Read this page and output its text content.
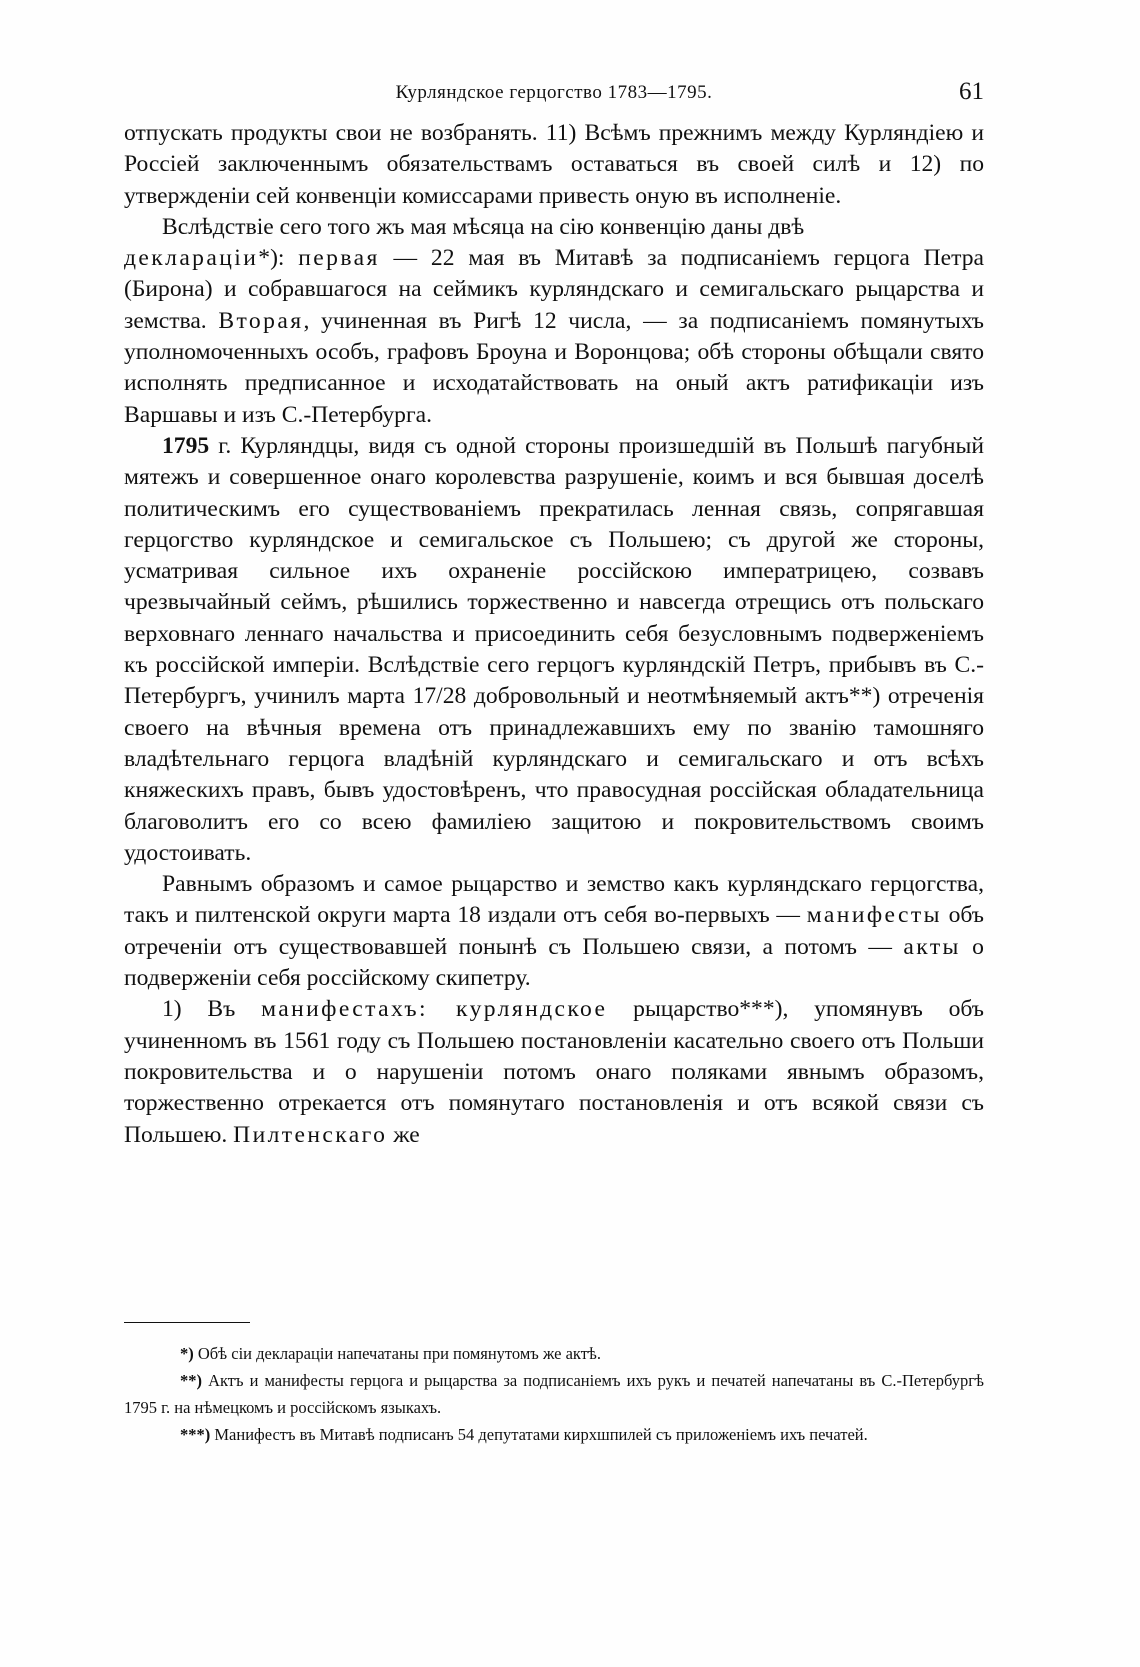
Курляндское герцогство 1783—1795.	61

отпускать продукты свои не возбранять. 11) Всѣмъ прежнимъ между Курляндіею и Россіей заключеннымъ обязательствамъ оставаться въ своей силѣ и 12) по утвержденіи сей конвенціи комиссарами привесть оную въ исполненіе.

Вслѣдствіе сего того жъ мая мѣсяца на сію конвенцію даны двѣ
деклараціи*): первая — 22 мая въ Митавѣ за подписаніемъ герцога Петра (Бирона) и собравшагося на сеймикъ курляндскаго и семигальскаго рыцарства и земства. Вторая, учиненная въ Ригѣ 12 числа, — за подписаніемъ помянутыхъ уполномоченныхъ особъ, графовъ Броуна и Воронцова; обѣ стороны обѣщали свято исполнять предписанное и исходатайствовать на оный актъ ратификаціи изъ Варшавы и изъ С.-Петербурга.

1795 г. Курляндцы, видя съ одной стороны произшедшій въ Польшѣ пагубный мятежъ и совершенное онаго королевства разрушеніе, коимъ и вся бывшая доселѣ политическимъ его существованіемъ прекратилась ленная связь, сопрягавшая герцогство курляндское и семигальское съ Польшею; съ другой же стороны, усматривая сильное ихъ охраненіе россійскою императрицею, созвавъ чрезвычайный сеймъ, рѣшились торжественно и навсегда отрещись отъ польскаго верховнаго леннаго начальства и присоединить себя безусловнымъ подверженіемъ къ россійской имперіи. Вслѣдствіе сего герцогъ курляндскій Петръ, прибывъ въ С.-Петербургъ, учинилъ марта 17/28 добровольный и неотмѣняемый актъ**) отреченія своего на вѣчныя времена отъ принадлежавшихъ ему по званію тамошняго владѣтельнаго герцога владѣній курляндскаго и семигальскаго и отъ всѣхъ княжескихъ правъ, бывъ удостовѣренъ, что правосудная россійская обладательница благоволитъ его со всею фамиліею защитою и покровительствомъ своимъ удостоивать.

Равнымъ образомъ и самое рыцарство и земство какъ курляндскаго герцогства, такъ и пилтенской округи марта 18 издали отъ себя во-первыхъ — манифесты объ отреченіи отъ существовавшей понынѣ съ Польшею связи, а потомъ — акты о подверженіи себя россійскому скипетру.

1) Въ манифестахъ: курляндское рыцарство***), упомянувъ объ учиненномъ въ 1561 году съ Польшею постановленіи касательно своего отъ Польши покровительства и о нарушеніи потомъ онаго поляками явнымъ образомъ, торжественно отрекается отъ помянутаго постановленія и отъ всякой связи съ Польшею. Пилтенскаго же

*) Обѣ сіи деклараціи напечатаны при помянутомъ же актѣ.

**) Актъ и манифесты герцога и рыцарства за подписаніемъ ихъ рукъ и печатей напечатаны въ С.-Петербургѣ 1795 г. на нѣмецкомъ и россійскомъ языкахъ.

***) Манифестъ въ Митавѣ подписанъ 54 депутатами кирхшпилей съ приложеніемъ ихъ печатей.
